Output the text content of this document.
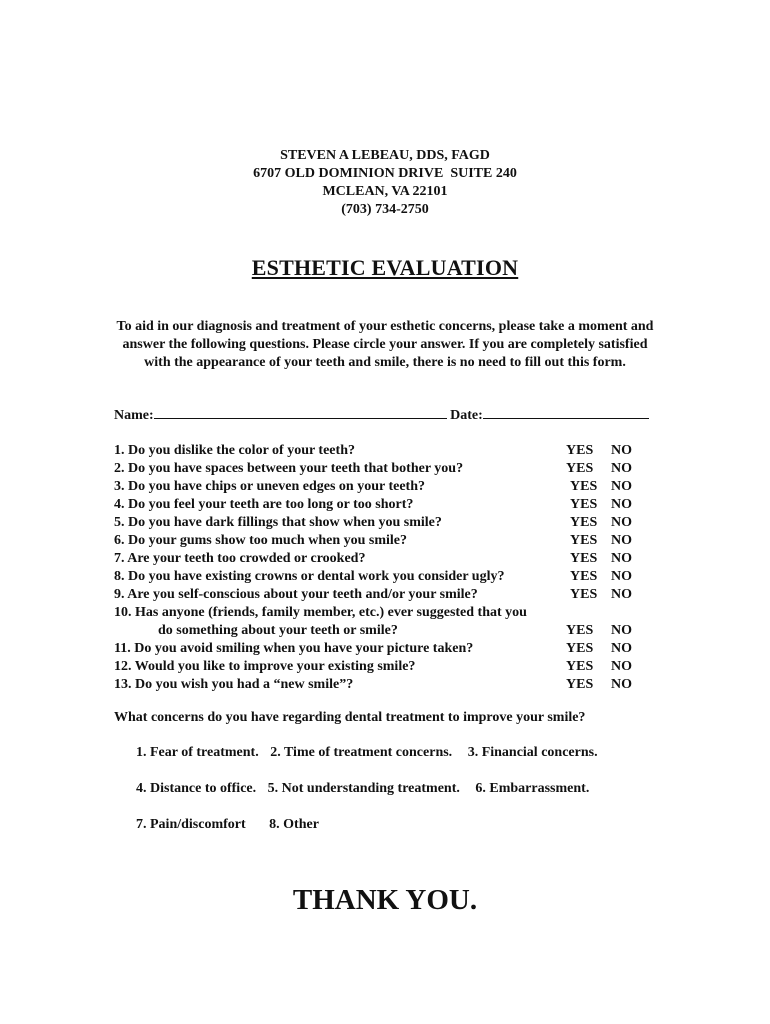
STEVEN A LEBEAU, DDS, FAGD
6707 OLD DOMINION DRIVE  SUITE 240
MCLEAN, VA 22101
(703) 734-2750
ESTHETIC EVALUATION
To aid in our diagnosis and treatment of your esthetic concerns, please take a moment and answer the following questions. Please circle your answer. If you are completely satisfied with the appearance of your teeth and smile, there is no need to fill out this form.
Name:	Date:
1. Do you dislike the color of your teeth?	YES NO
2. Do you have spaces between your teeth that bother you?	YES NO
3. Do you have chips or uneven edges on your teeth?	YES NO
4. Do you feel your teeth are too long or too short?	YES NO
5. Do you have dark fillings that show when you smile?	YES NO
6. Do your gums show too much when you smile?	YES NO
7. Are your teeth too crowded or crooked?	YES NO
8. Do you have existing crowns or dental work you consider ugly?	YES NO
9. Are you self-conscious about your teeth and/or your smile?	YES NO
10. Has anyone (friends, family member, etc.) ever suggested that you
do something about your teeth or smile?	YES NO
11. Do you avoid smiling when you have your picture taken?	YES NO
12. Would you like to improve your existing smile?	YES NO
13. Do you wish you had a “new smile”?	YES NO
What concerns do you have regarding dental treatment to improve your smile?
1. Fear of treatment. 2. Time of treatment concerns. 3. Financial concerns.
4. Distance to office. 5. Not understanding treatment. 6. Embarrassment.
7. Pain/discomfort 8. Other
THANK YOU.
